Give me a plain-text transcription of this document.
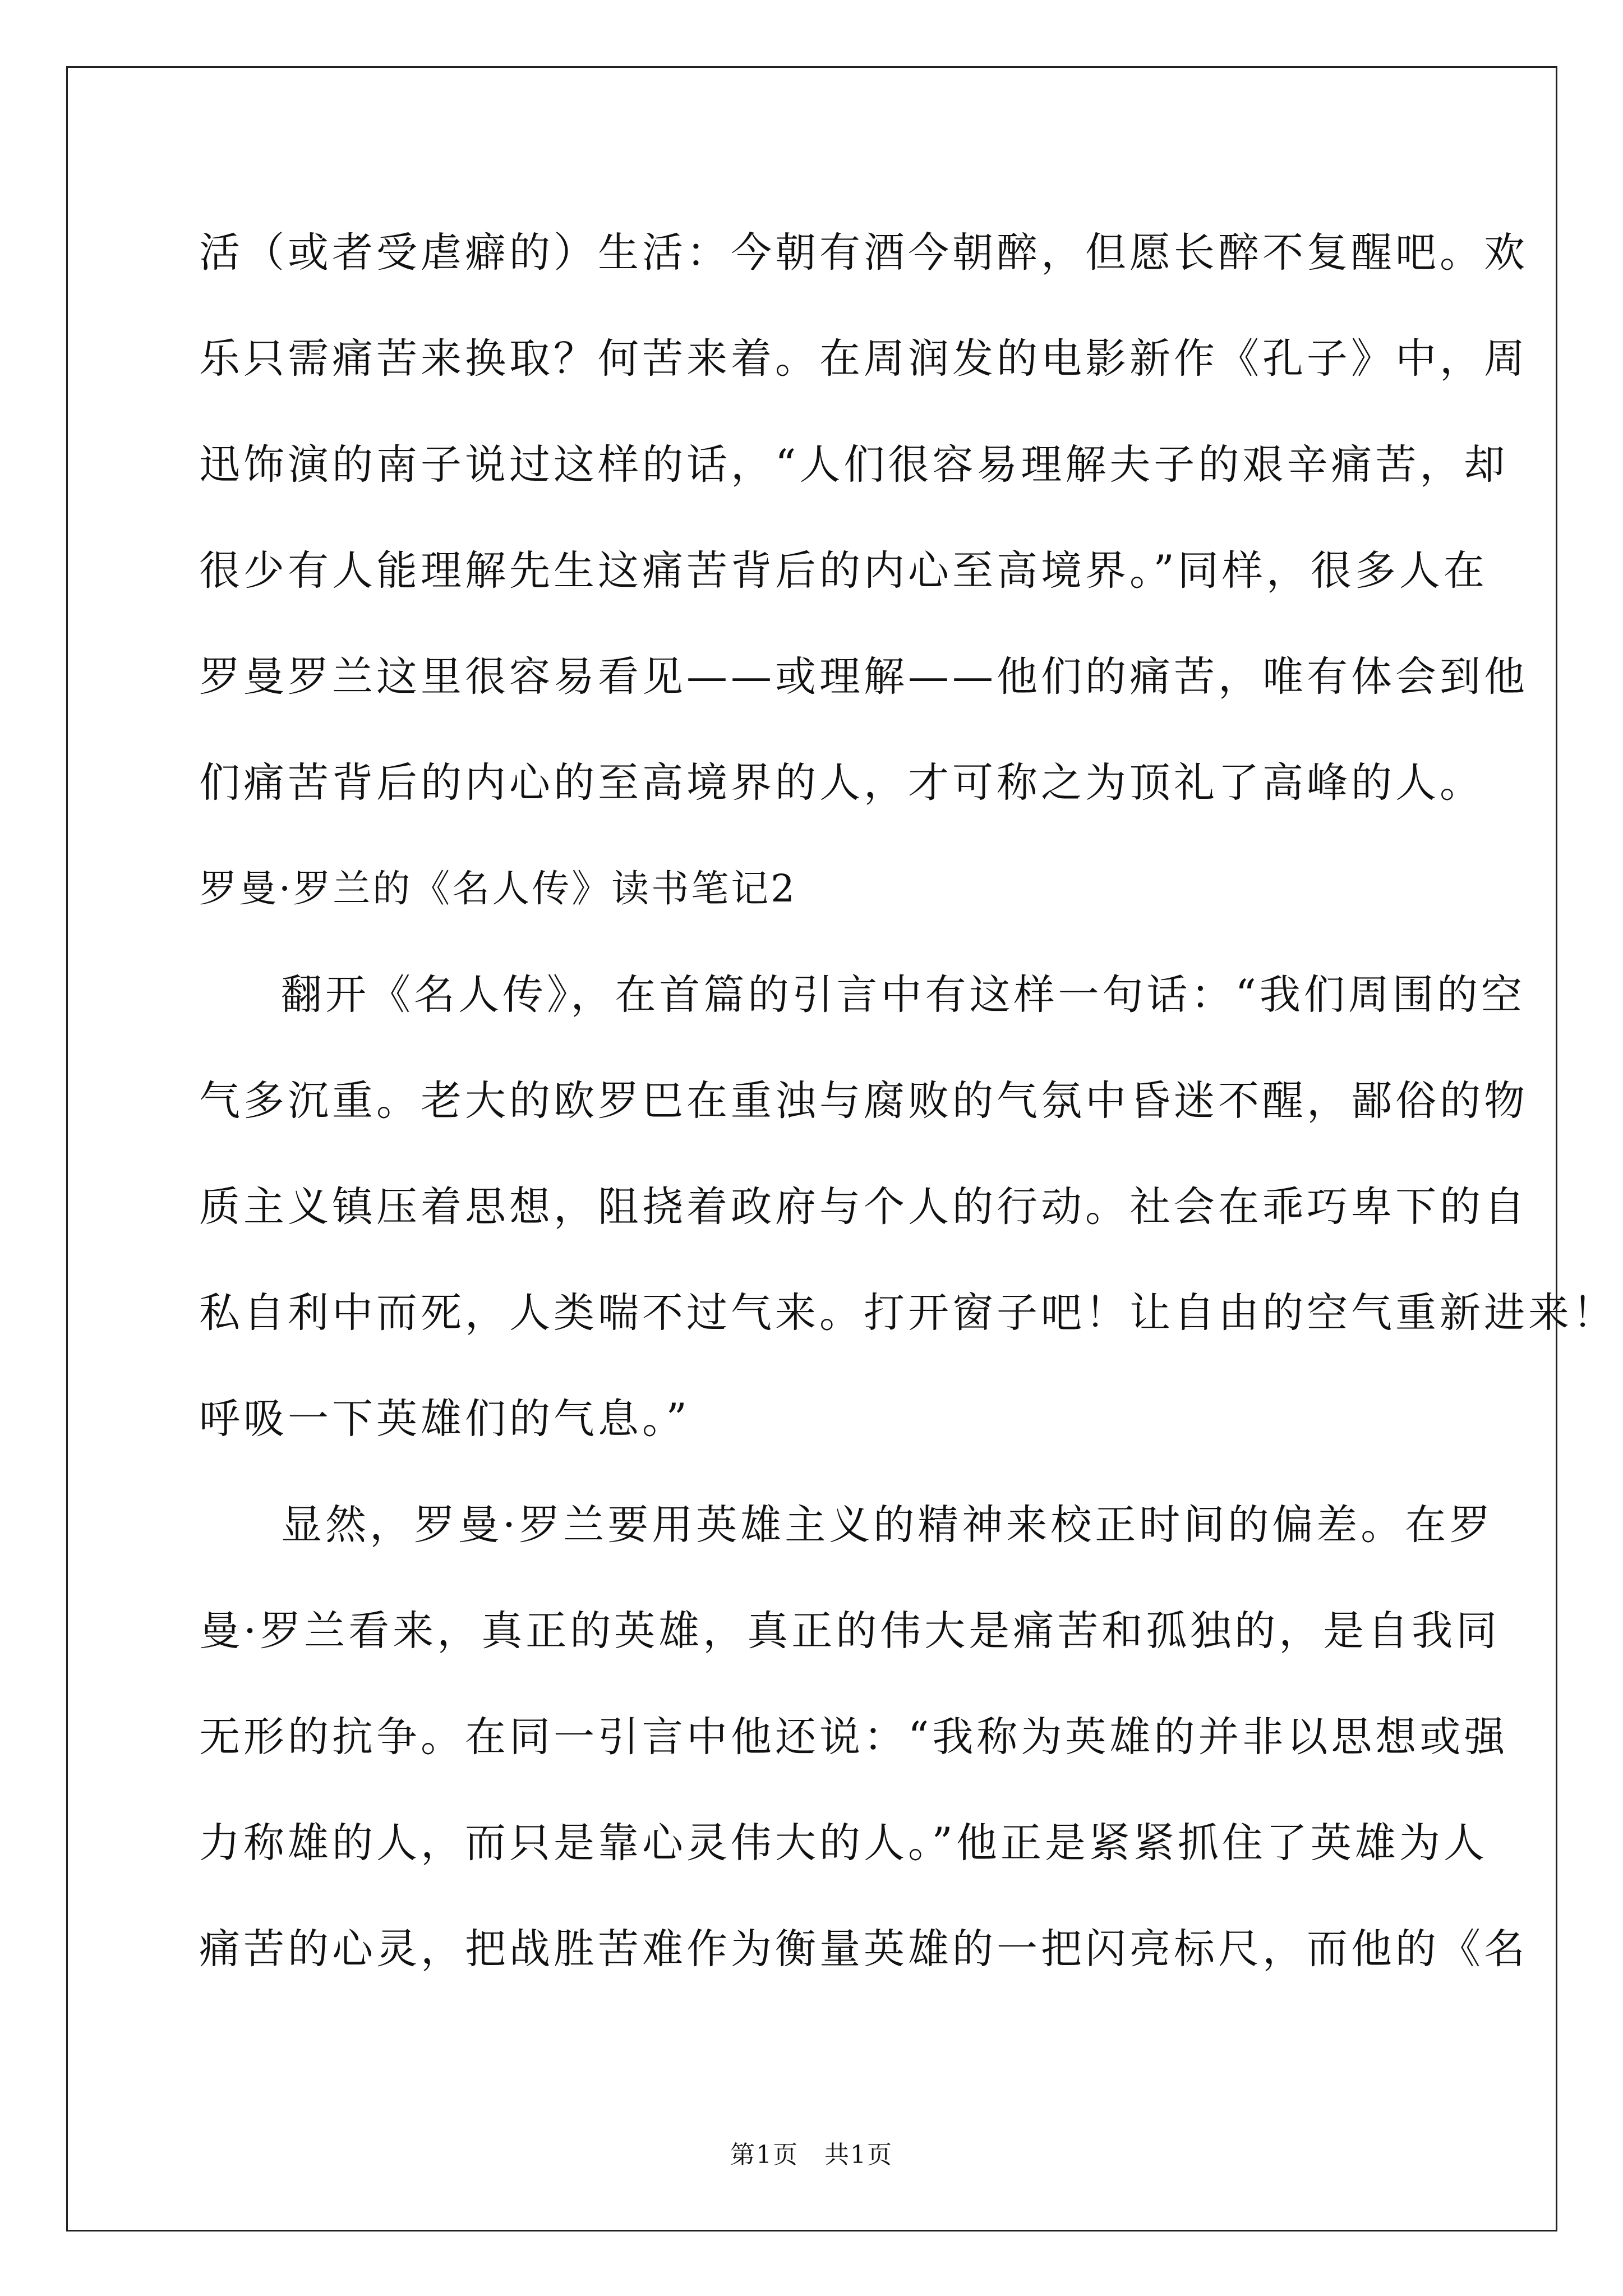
活（或者受虐癖的）生活：今朝有酒今朝醉，但愿长醉不复醒吧。欢
乐只需痛苦来换取？何苦来着。在周润发的电影新作《孔子》中，周
迅饰演的南子说过这样的话，“人们很容易理解夫子的艰辛痛苦，却
很少有人能理解先生这痛苦背后的内心至高境界。”同样，很多人在
罗曼罗兰这里很容易看见——或理解——他们的痛苦，唯有体会到他
们痛苦背后的内心的至高境界的人，才可称之为顶礼了高峰的人。
罗曼·罗兰的《名人传》读书笔记2
翻开《名人传》，在首篇的引言中有这样一句话：“我们周围的空
气多沉重。老大的欧罗巴在重浊与腐败的气氛中昏迷不醒，鄙俗的物
质主义镇压着思想，阻挠着政府与个人的行动。社会在乖巧卑下的自
私自利中而死，人类喘不过气来。打开窗子吧！让自由的空气重新进来！
呼吸一下英雄们的气息。”
显然，罗曼·罗兰要用英雄主义的精神来校正时间的偏差。在罗
曼·罗兰看来，真正的英雄，真正的伟大是痛苦和孤独的，是自我同
无形的抗争。在同一引言中他还说：“我称为英雄的并非以思想或强
力称雄的人，而只是靠心灵伟大的人。”他正是紧紧抓住了英雄为人
痛苦的心灵，把战胜苦难作为衡量英雄的一把闪亮标尺，而他的《名
第1页　共1页
